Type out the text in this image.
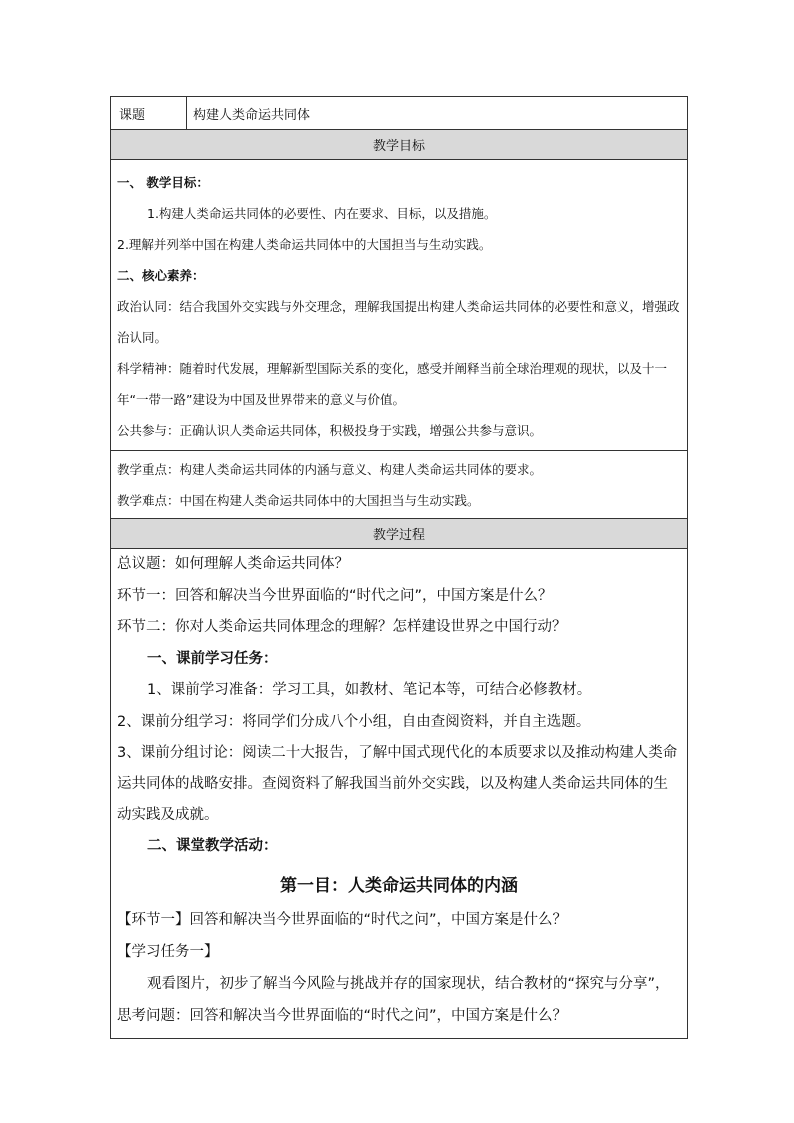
课题	构建人类命运共同体
教学目标
一、 教学目标：
1.构建人类命运共同体的必要性、内在要求、目标，以及措施。
2.理解并列举中国在构建人类命运共同体中的大国担当与生动实践。
二、核心素养：
政治认同：结合我国外交实践与外交理念，理解我国提出构建人类命运共同体的必要性和意义，增强政治认同。
科学精神：随着时代发展，理解新型国际关系的变化，感受并阐释当前全球治理观的现状，以及十一年“一带一路”建设为中国及世界带来的意义与价值。
公共参与：正确认识人类命运共同体，积极投身于实践，增强公共参与意识。
教学重点：构建人类命运共同体的内涵与意义、构建人类命运共同体的要求。
教学难点：中国在构建人类命运共同体中的大国担当与生动实践。
教学过程
总议题：如何理解人类命运共同体？
环节一：回答和解决当今世界面临的“时代之问”，中国方案是什么？
环节二：你对人类命运共同体理念的理解？怎样建设世界之中国行动？
一、课前学习任务：
1、课前学习准备：学习工具，如教材、笔记本等，可结合必修教材。
2、课前分组学习：将同学们分成八个小组，自由查阅资料，并自主选题。
3、课前分组讨论：阅读二十大报告，了解中国式现代化的本质要求以及推动构建人类命运共同体的战略安排。查阅资料了解我国当前外交实践，以及构建人类命运共同体的生动实践及成就。
二、课堂教学活动：
第一目：人类命运共同体的内涵
【环节一】回答和解决当今世界面临的“时代之问”，中国方案是什么？
【学习任务一】
观看图片，初步了解当今风险与挑战并存的国家现状，结合教材的“探究与分享”，思考问题：回答和解决当今世界面临的“时代之问”，中国方案是什么？
